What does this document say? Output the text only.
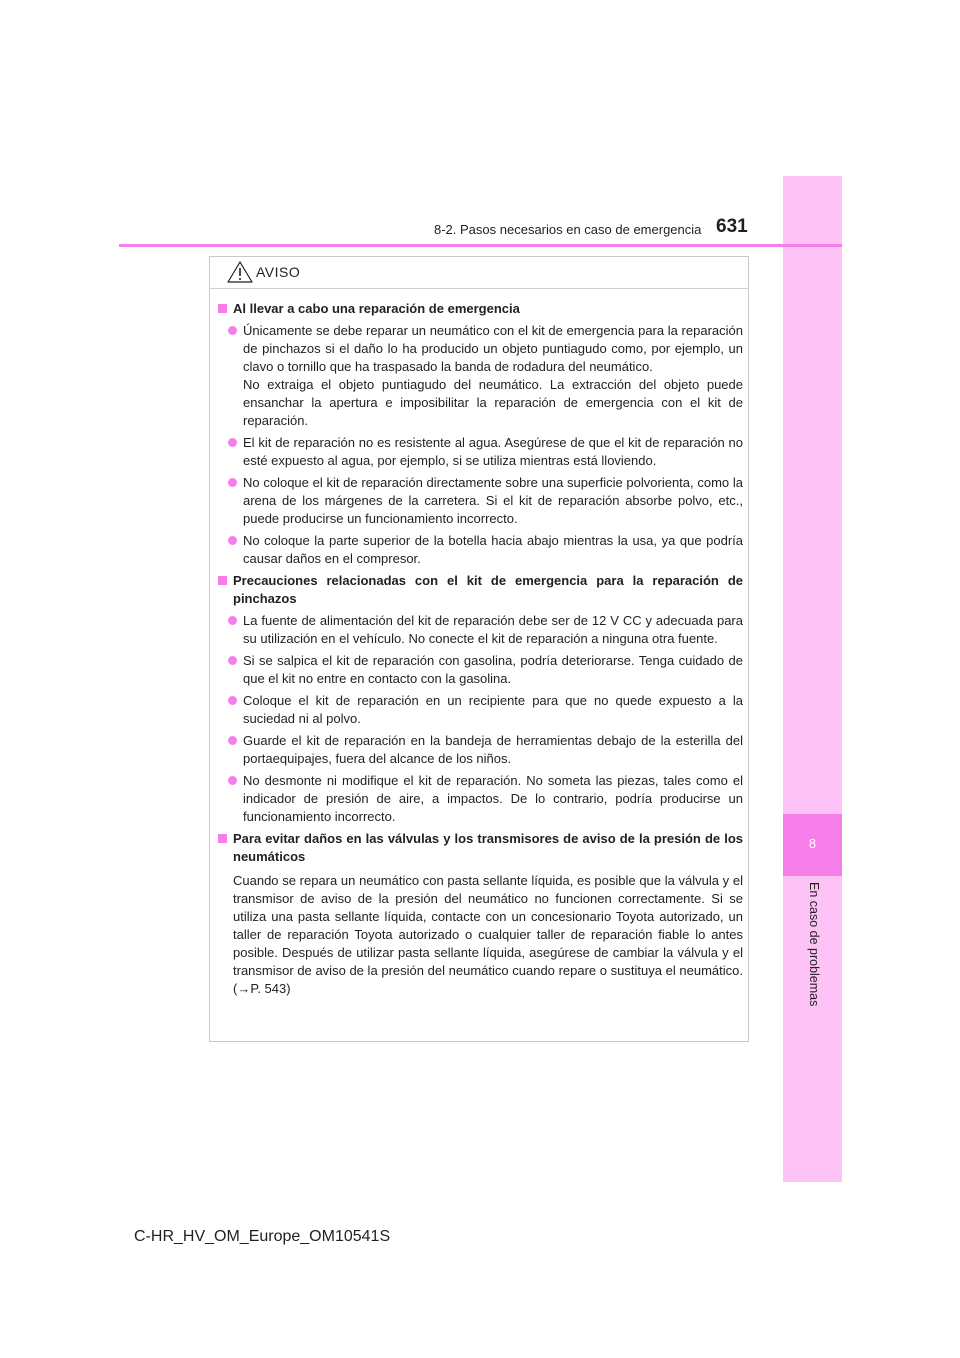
8
En caso de problemas
8-2. Pasos necesarios en caso de emergencia 631
AVISO
Al llevar a cabo una reparación de emergencia
Únicamente se debe reparar un neumático con el kit de emergencia para la reparación de pinchazos si el daño lo ha producido un objeto puntiagudo como, por ejemplo, un clavo o tornillo que ha traspasado la banda de rodadura del neumático.
No extraiga el objeto puntiagudo del neumático. La extracción del objeto puede ensanchar la apertura e imposibilitar la reparación de emergencia con el kit de reparación.
El kit de reparación no es resistente al agua. Asegúrese de que el kit de reparación no esté expuesto al agua, por ejemplo, si se utiliza mientras está lloviendo.
No coloque el kit de reparación directamente sobre una superficie polvorienta, como la arena de los márgenes de la carretera. Si el kit de reparación absorbe polvo, etc., puede producirse un funcionamiento incorrecto.
No coloque la parte superior de la botella hacia abajo mientras la usa, ya que podría causar daños en el compresor.
Precauciones relacionadas con el kit de emergencia para la reparación de pinchazos
La fuente de alimentación del kit de reparación debe ser de 12 V CC y adecuada para su utilización en el vehículo. No conecte el kit de reparación a ninguna otra fuente.
Si se salpica el kit de reparación con gasolina, podría deteriorarse. Tenga cuidado de que el kit no entre en contacto con la gasolina.
Coloque el kit de reparación en un recipiente para que no quede expuesto a la suciedad ni al polvo.
Guarde el kit de reparación en la bandeja de herramientas debajo de la esterilla del portaequipajes, fuera del alcance de los niños.
No desmonte ni modifique el kit de reparación. No someta las piezas, tales como el indicador de presión de aire, a impactos. De lo contrario, podría producirse un funcionamiento incorrecto.
Para evitar daños en las válvulas y los transmisores de aviso de la presión de los neumáticos
Cuando se repara un neumático con pasta sellante líquida, es posible que la válvula y el transmisor de aviso de la presión del neumático no funcionen correctamente. Si se utiliza una pasta sellante líquida, contacte con un concesionario Toyota autorizado, un taller de reparación Toyota autorizado o cualquier taller de reparación fiable lo antes posible. Después de utilizar pasta sellante líquida, asegúrese de cambiar la válvula y el transmisor de aviso de la presión del neumático cuando repare o sustituya el neumático. (→P. 543)
C-HR_HV_OM_Europe_OM10541S
